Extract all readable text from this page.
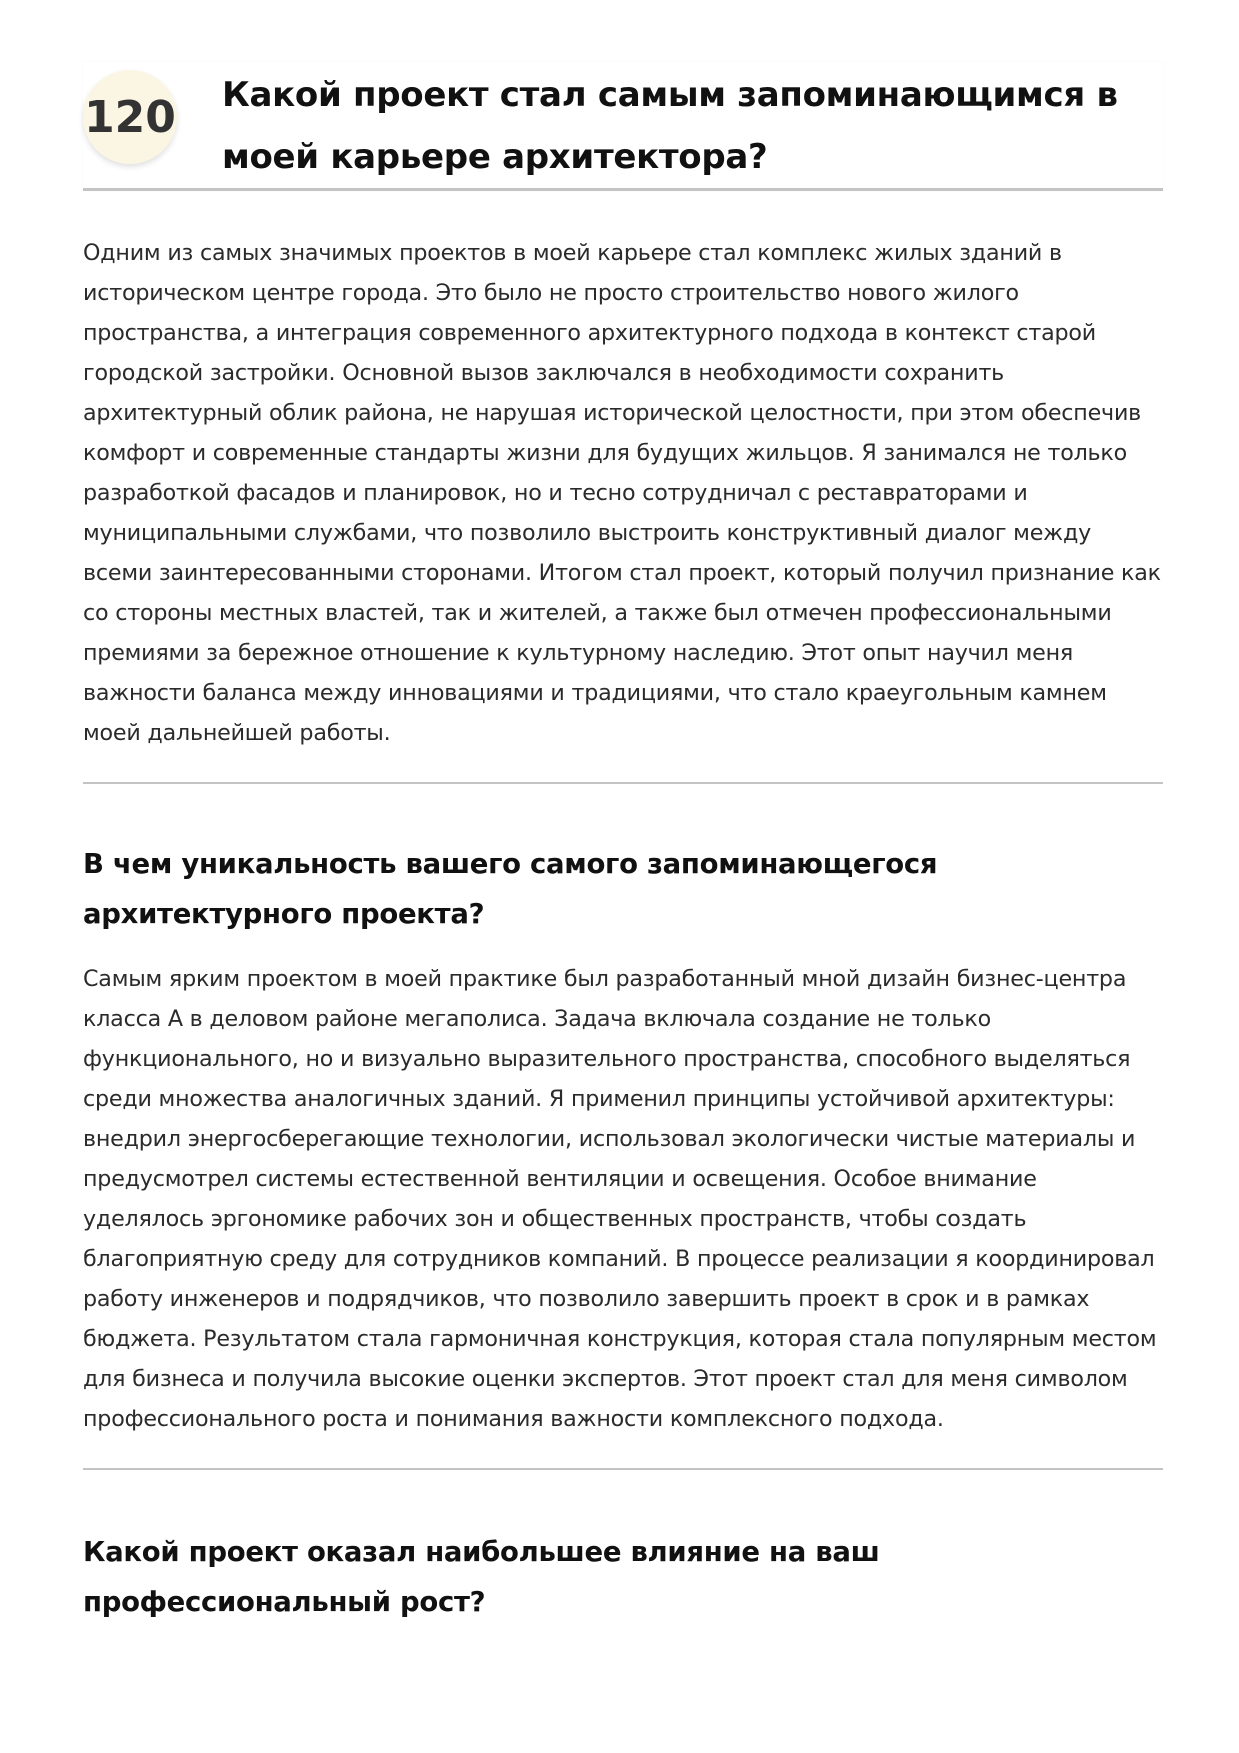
120 Какой проект стал самым запоминающимся в моей карьере архитектора?

Одним из самых значимых проектов в моей карьере стал комплекс жилых зданий в историческом центре города. Это было не просто строительство нового жилого пространства, а интеграция современного архитектурного подхода в контекст старой городской застройки. Основной вызов заключался в необходимости сохранить архитектурный облик района, не нарушая исторической целостности, при этом обеспечив комфорт и современные стандарты жизни для будущих жильцов. Я занимался не только разработкой фасадов и планировок, но и тесно сотрудничал с реставраторами и муниципальными службами, что позволило выстроить конструктивный диалог между всеми заинтересованными сторонами. Итогом стал проект, который получил признание как со стороны местных властей, так и жителей, а также был отмечен профессиональными премиями за бережное отношение к культурному наследию. Этот опыт научил меня важности баланса между инновациями и традициями, что стало краеугольным камнем моей дальнейшей работы.

В чем уникальность вашего самого запоминающегося архитектурного проекта?

Самым ярким проектом в моей практике был разработанный мной дизайн бизнес-центра класса А в деловом районе мегаполиса. Задача включала создание не только функционального, но и визуально выразительного пространства, способного выделяться среди множества аналогичных зданий. Я применил принципы устойчивой архитектуры: внедрил энергосберегающие технологии, использовал экологически чистые материалы и предусмотрел системы естественной вентиляции и освещения. Особое внимание уделялось эргономике рабочих зон и общественных пространств, чтобы создать благоприятную среду для сотрудников компаний. В процессе реализации я координировал работу инженеров и подрядчиков, что позволило завершить проект в срок и в рамках бюджета. Результатом стала гармоничная конструкция, которая стала популярным местом для бизнеса и получила высокие оценки экспертов. Этот проект стал для меня символом профессионального роста и понимания важности комплексного подхода.

Какой проект оказал наибольшее влияние на ваш профессиональный рост?
